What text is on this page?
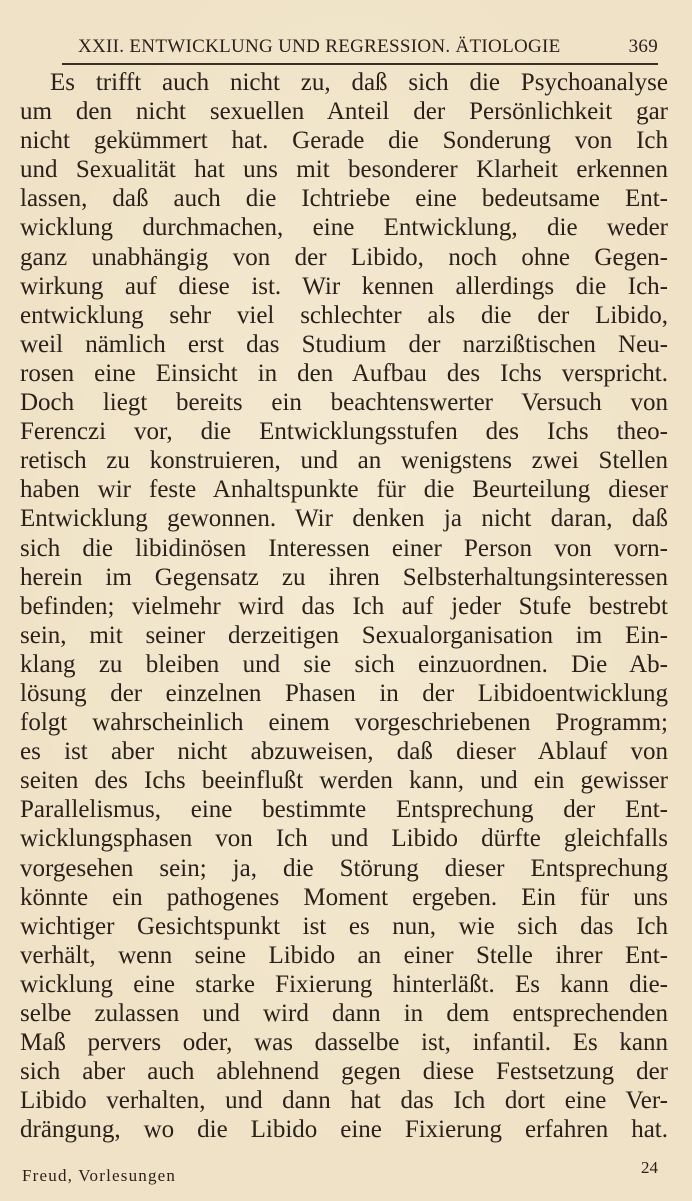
XXII. ENTWICKLUNG UND REGRESSION. ÄTIOLOGIE	369
Es trifft auch nicht zu, daß sich die Psychoanalyse
um den nicht sexuellen Anteil der Persönlichkeit gar
nicht gekümmert hat. Gerade die Sonderung von Ich
und Sexualität hat uns mit besonderer Klarheit erkennen
lassen, daß auch die Ichtriebe eine bedeutsame Ent-
wicklung durchmachen, eine Entwicklung, die weder
ganz unabhängig von der Libido, noch ohne Gegen-
wirkung auf diese ist. Wir kennen allerdings die Ich-
entwicklung sehr viel schlechter als die der Libido,
weil nämlich erst das Studium der narzißtischen Neu-
rosen eine Einsicht in den Aufbau des Ichs verspricht.
Doch liegt bereits ein beachtenswerter Versuch von
Ferenczi vor, die Entwicklungsstufen des Ichs theo-
retisch zu konstruieren, und an wenigstens zwei Stellen
haben wir feste Anhaltspunkte für die Beurteilung dieser
Entwicklung gewonnen. Wir denken ja nicht daran, daß
sich die libidinösen Interessen einer Person von vorn-
herein im Gegensatz zu ihren Selbsterhaltungsinteressen
befinden; vielmehr wird das Ich auf jeder Stufe bestrebt
sein, mit seiner derzeitigen Sexualorganisation im Ein-
klang zu bleiben und sie sich einzuordnen. Die Ab-
lösung der einzelnen Phasen in der Libidoentwicklung
folgt wahrscheinlich einem vorgeschriebenen Programm;
es ist aber nicht abzuweisen, daß dieser Ablauf von
seiten des Ichs beeinflußt werden kann, und ein gewisser
Parallelismus, eine bestimmte Entsprechung der Ent-
wicklungsphasen von Ich und Libido dürfte gleichfalls
vorgesehen sein; ja, die Störung dieser Entsprechung
könnte ein pathogenes Moment ergeben. Ein für uns
wichtiger Gesichtspunkt ist es nun, wie sich das Ich
verhält, wenn seine Libido an einer Stelle ihrer Ent-
wicklung eine starke Fixierung hinterläßt. Es kann die-
selbe zulassen und wird dann in dem entsprechenden
Maß pervers oder, was dasselbe ist, infantil. Es kann
sich aber auch ablehnend gegen diese Festsetzung der
Libido verhalten, und dann hat das Ich dort eine Ver-
drängung, wo die Libido eine Fixierung erfahren hat.
Freud, Vorlesungen	24
